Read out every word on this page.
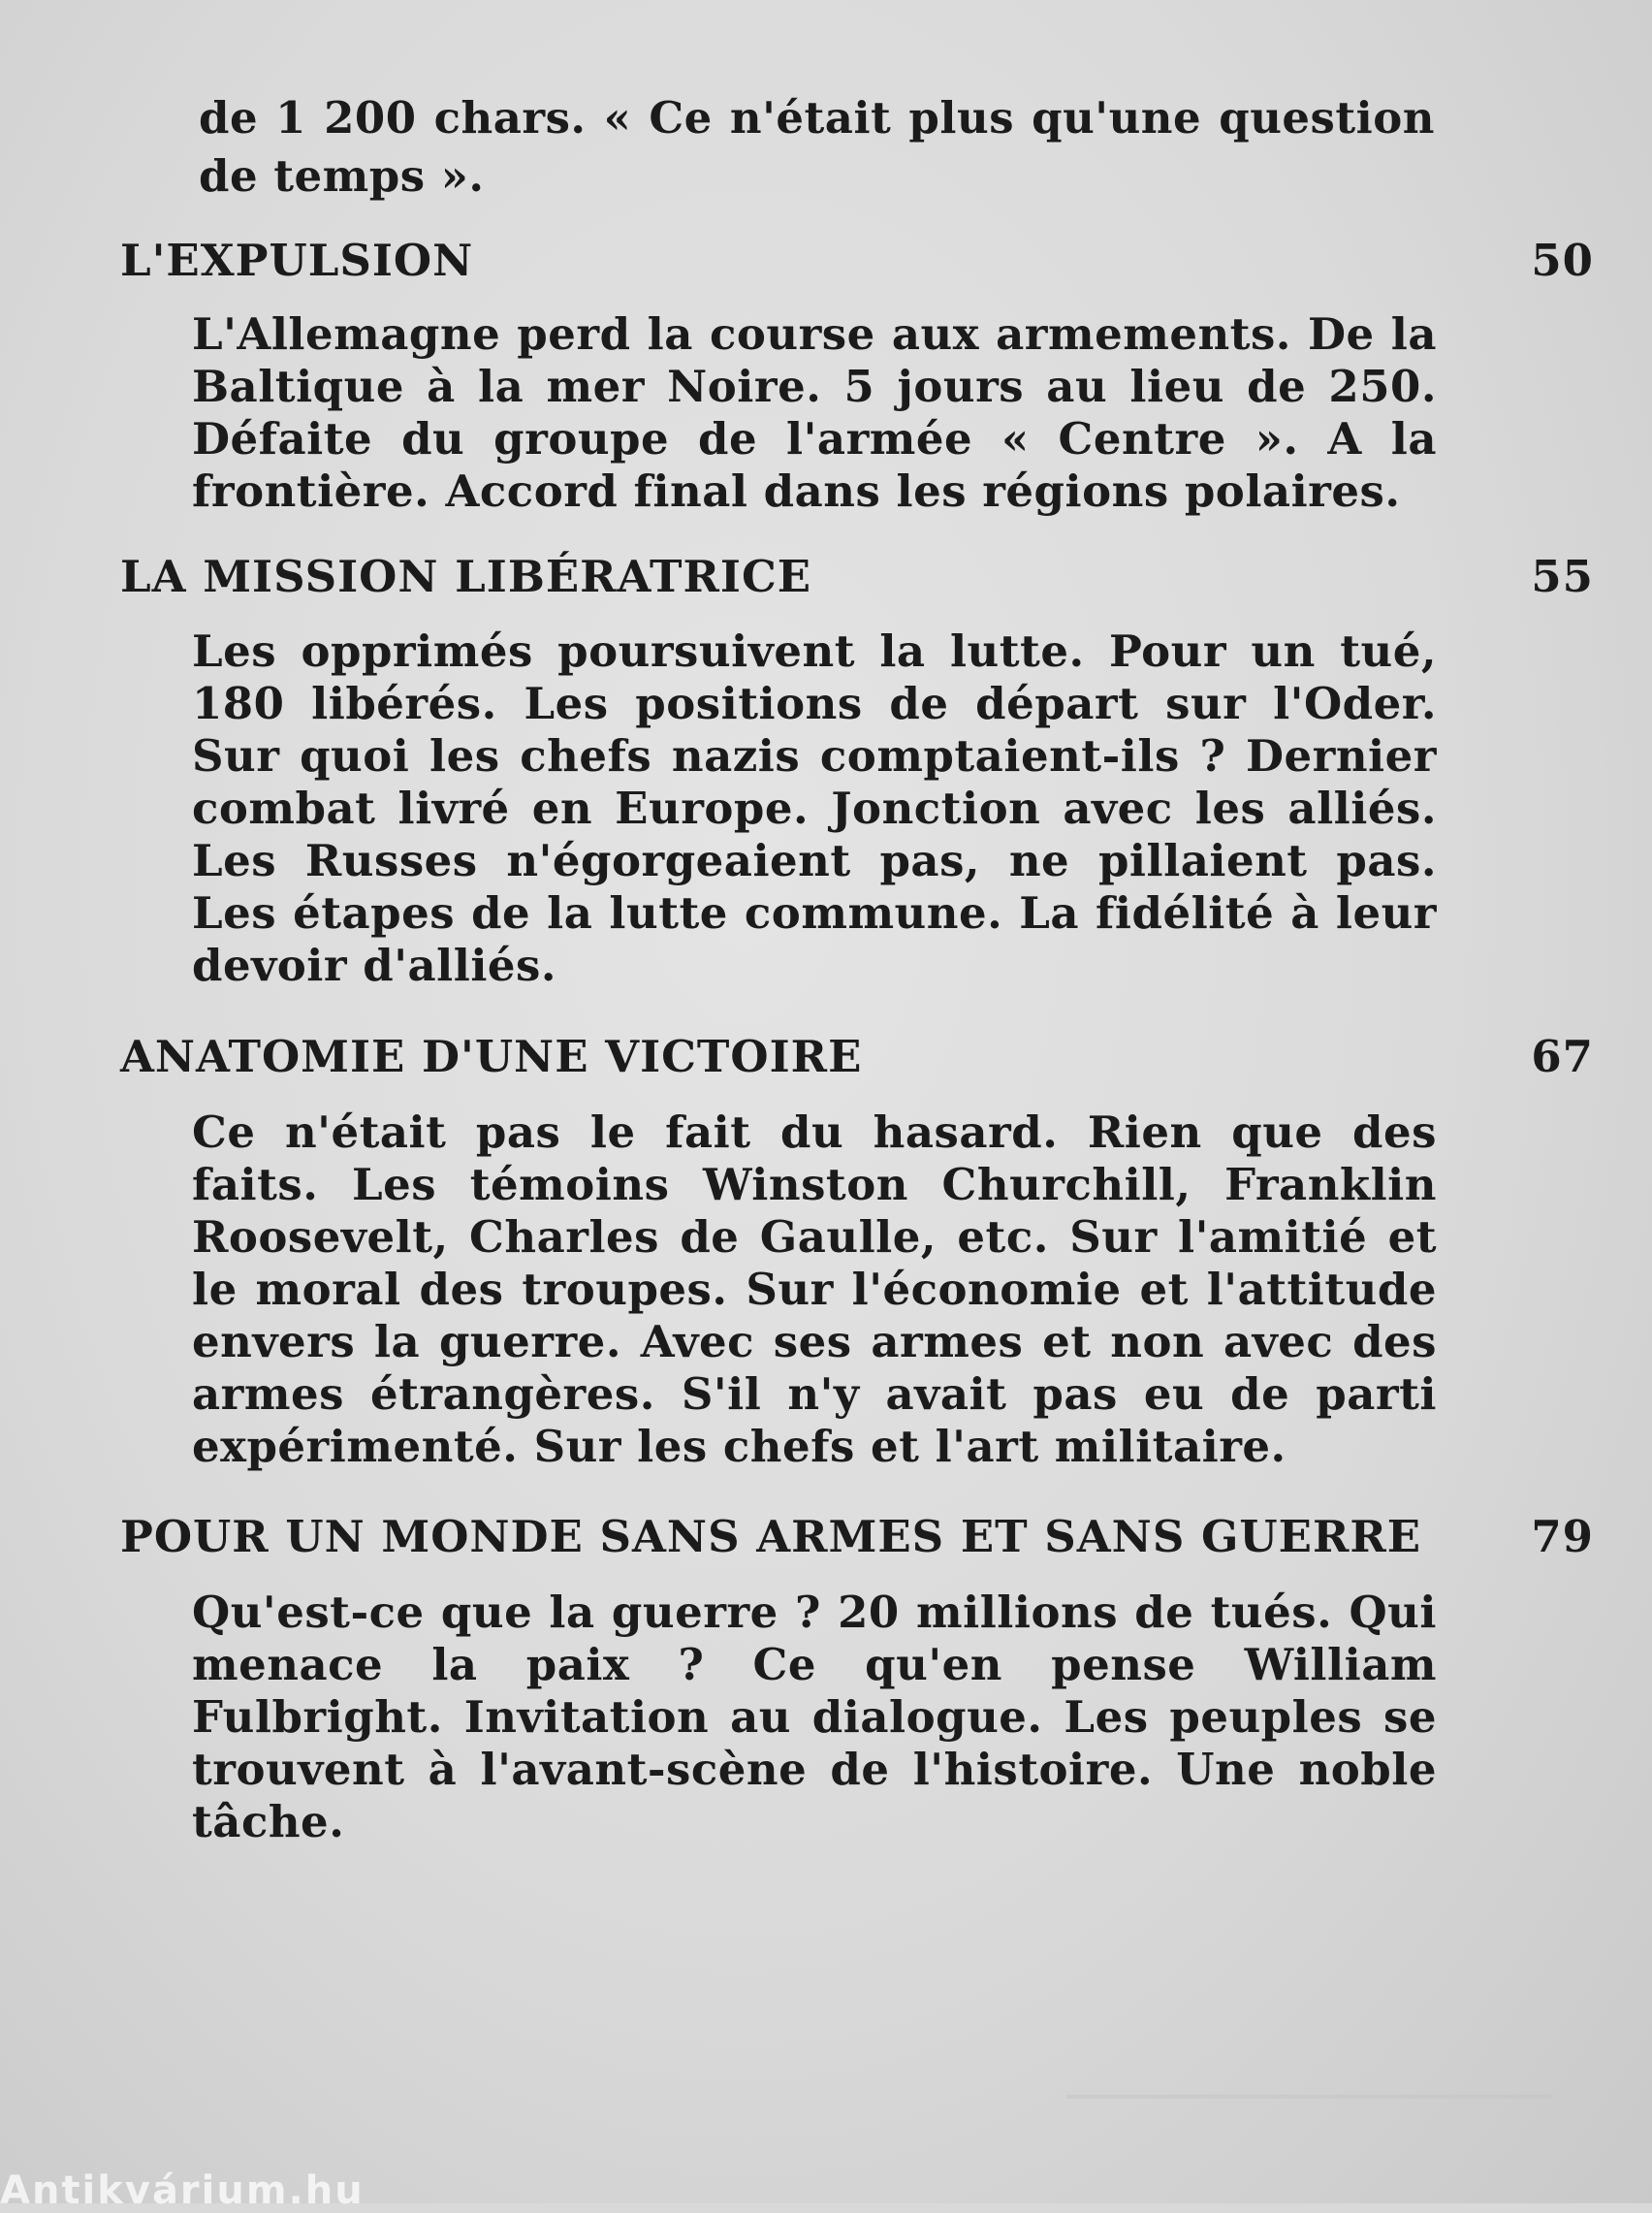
de 1 200 chars. « Ce n'était plus qu'une question de temps ».
L'EXPULSION	50
L'Allemagne perd la course aux armements. De la Baltique à la mer Noire. 5 jours au lieu de 250. Défaite du groupe de l'armée « Centre ». A la frontière. Accord final dans les régions polaires.
LA MISSION LIBÉRATRICE	55
Les opprimés poursuivent la lutte. Pour un tué, 180 libérés. Les positions de départ sur l'Oder. Sur quoi les chefs nazis comptaient-ils ? Dernier combat livré en Europe. Jonction avec les alliés. Les Russes n'égorgeaient pas, ne pillaient pas. Les étapes de la lutte commune. La fidélité à leur devoir d'alliés.
ANATOMIE D'UNE VICTOIRE	67
Ce n'était pas le fait du hasard. Rien que des faits. Les témoins Winston Churchill, Franklin Roosevelt, Charles de Gaulle, etc. Sur l'amitié et le moral des troupes. Sur l'économie et l'attitude envers la guerre. Avec ses armes et non avec des armes étrangères. S'il n'y avait pas eu de parti expérimenté. Sur les chefs et l'art militaire.
POUR UN MONDE SANS ARMES ET SANS GUERRE	79
Qu'est-ce que la guerre ? 20 millions de tués. Qui menace la paix ? Ce qu'en pense William Fulbright. Invitation au dialogue. Les peuples se trouvent à l'avant-scène de l'histoire. Une noble tâche.
Antikvárium.hu
